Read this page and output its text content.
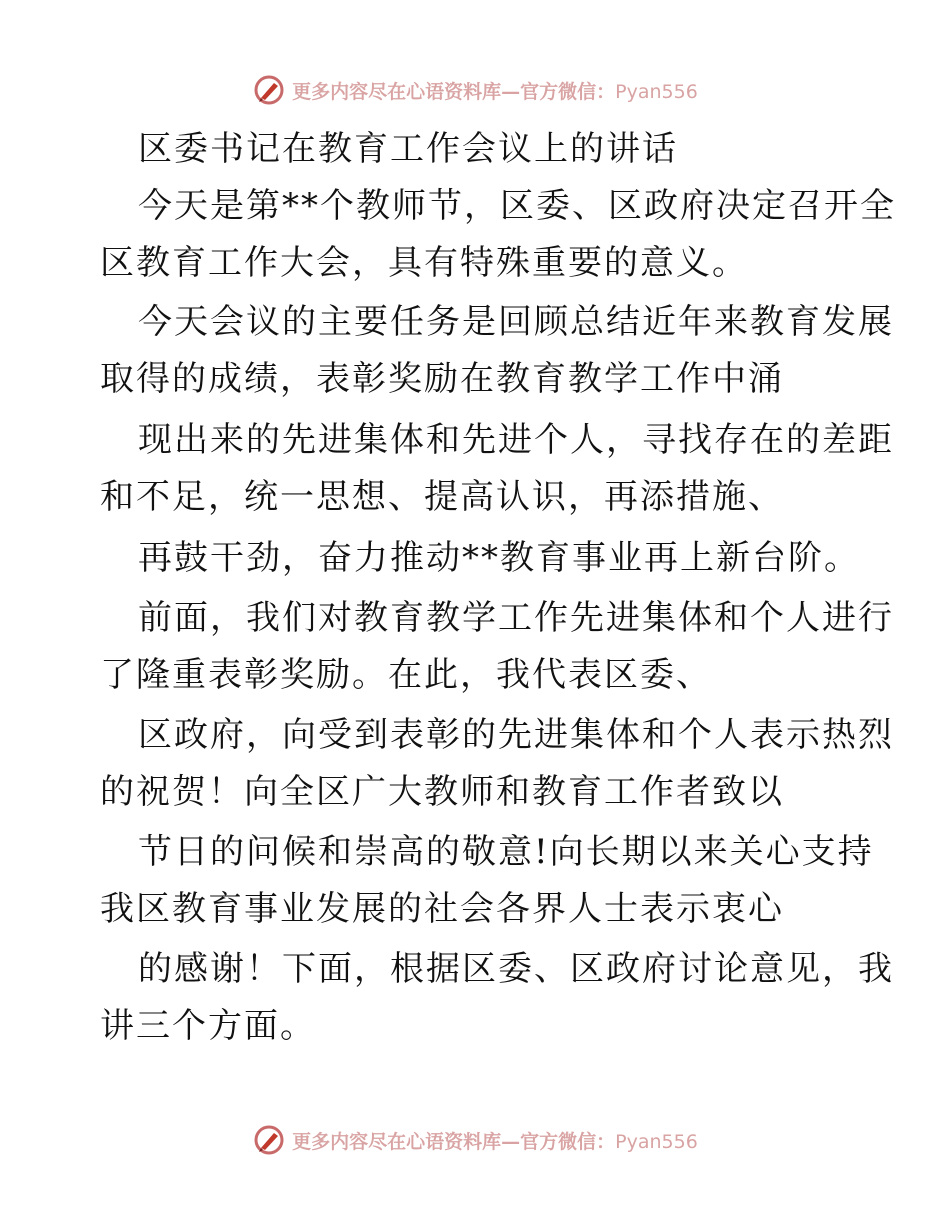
更多内容尽在心语资料库—官方微信：Pyan556
区委书记在教育工作会议上的讲话
今天是第**个教师节，区委、区政府决定召开全
区教育工作大会，具有特殊重要的意义。
今天会议的主要任务是回顾总结近年来教育发展
取得的成绩，表彰奖励在教育教学工作中涌
现出来的先进集体和先进个人，寻找存在的差距
和不足，统一思想、提高认识，再添措施、
再鼓干劲，奋力推动**教育事业再上新台阶。
前面，我们对教育教学工作先进集体和个人进行
了隆重表彰奖励。在此，我代表区委、
区政府，向受到表彰的先进集体和个人表示热烈
的祝贺！向全区广大教师和教育工作者致以
节日的问候和崇高的敬意!向长期以来关心支持
我区教育事业发展的社会各界人士表示衷心
的感谢！下面，根据区委、区政府讨论意见，我
讲三个方面。
更多内容尽在心语资料库—官方微信：Pyan556
